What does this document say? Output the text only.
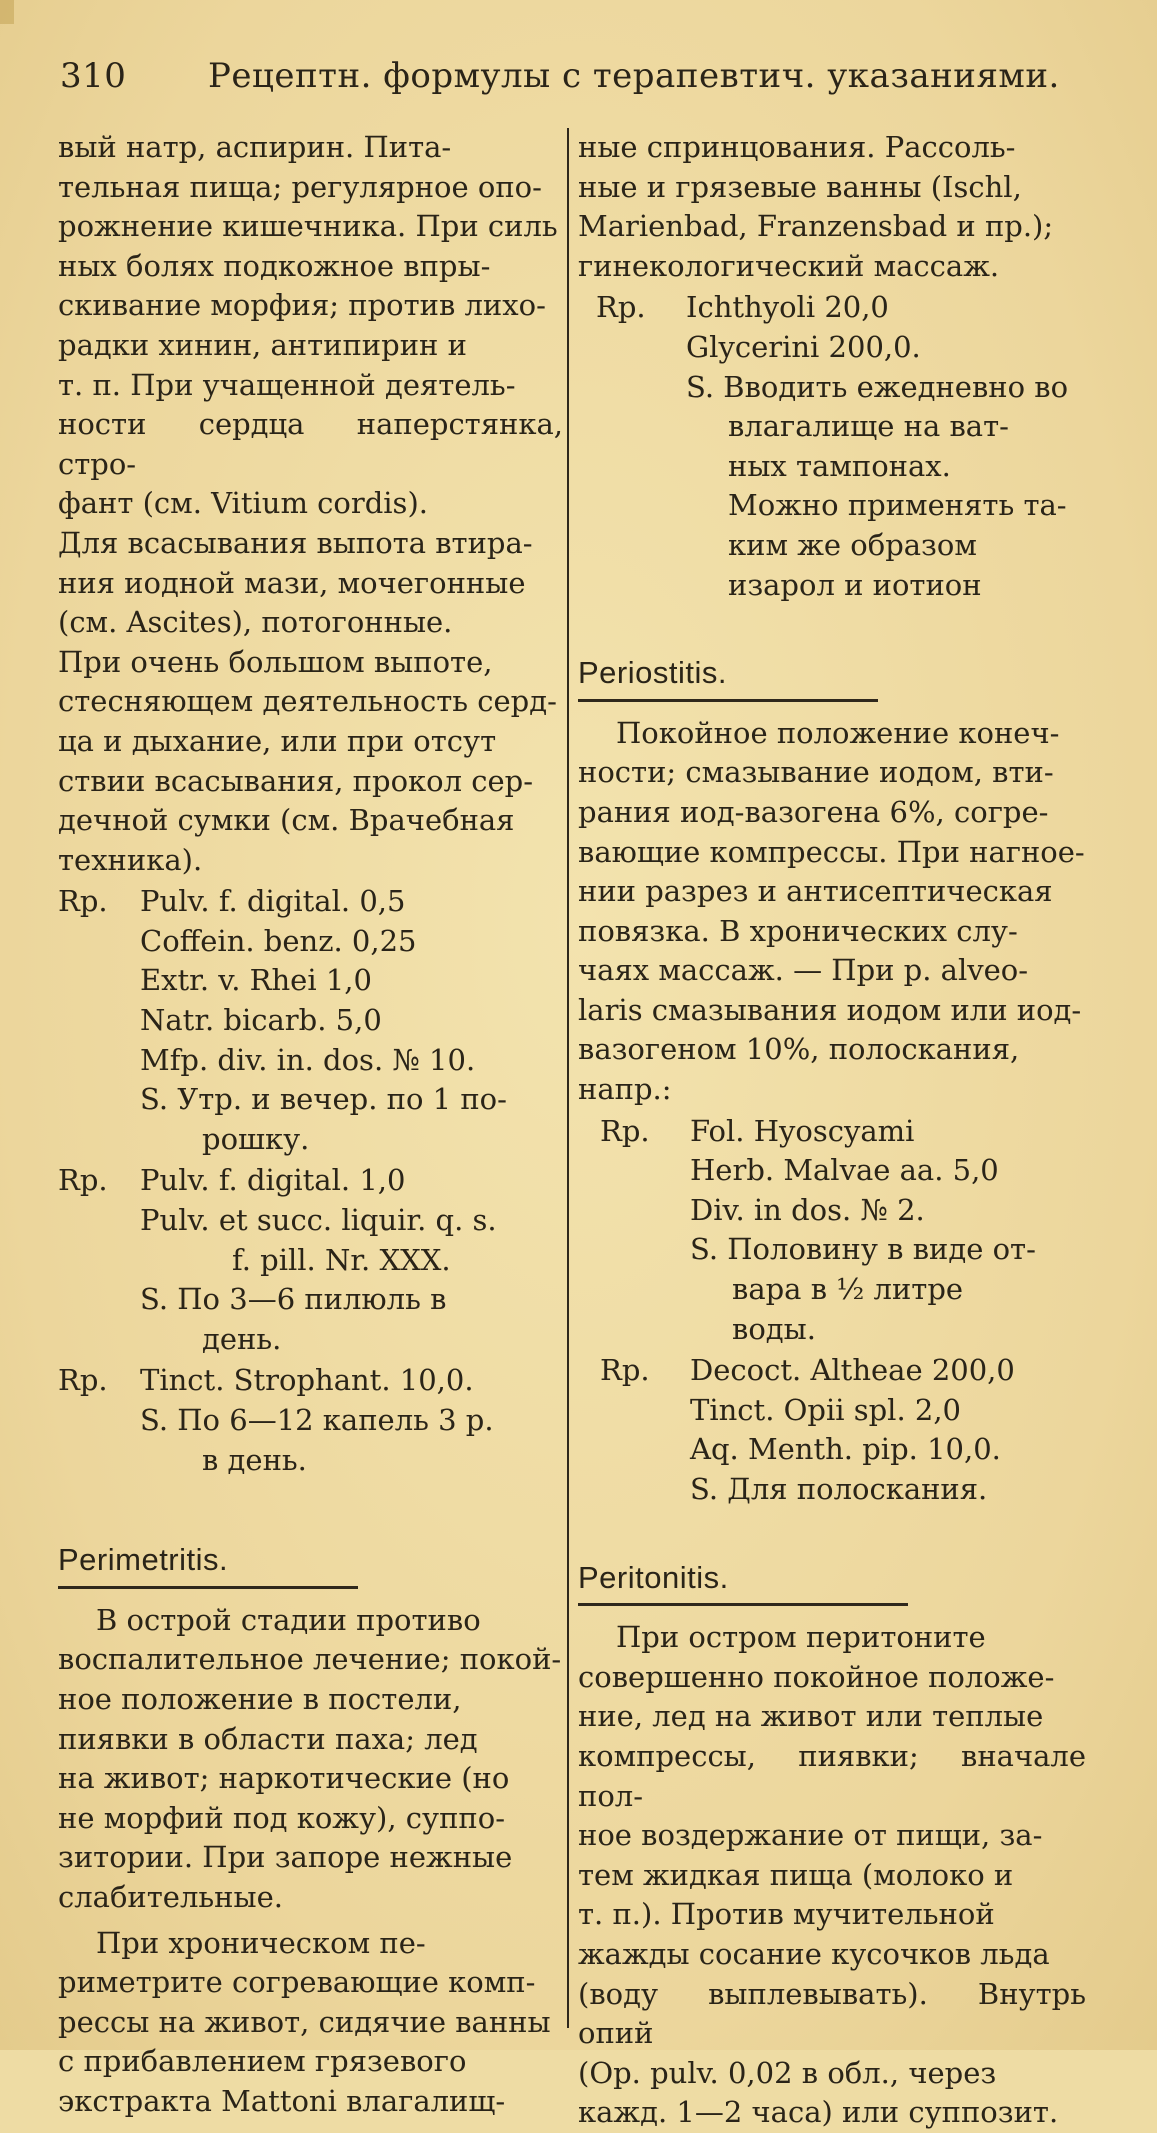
310 Рецептн. формулы с терапевтич. указаниями.
вый натр, аспирин. Пита-
тельная пища; регулярное опо-
рожнение кишечника. При силь
ных болях подкожное впры-
скивание морфия; против лихо-
радки хинин, антипирин и
т. п. При учащенной деятель-
ности сердца наперстянка, стро-
фант (см. Vitium cordis).
Для всасывания выпота втира-
ния иодной мази, мочегонные
(см. Ascites), потогонные.
При очень большом выпоте,
стесняющем деятельность серд-
ца и дыхание, или при отсут
ствии всасывания, прокол сер-
дечной сумки (см. Врачебная
техника).
Rp.	Pulv. f. digital. 0,5
Coffein. benz. 0,25
Extr. v. Rhei 1,0
Natr. bicarb. 5,0
Mfp. div. in. dos. № 10.
S. Утр. и вечер. по 1 по-
рошку.
Rp.	Pulv. f. digital. 1,0
Pulv. et succ. liquir. q. s.
f. pill. Nr. XXX.
S. По 3—6 пилюль в
день.
Rp.	Tinct. Strophant. 10,0.
S. По 6—12 капель 3 р.
в день.
Perimetritis.
В острой стадии противо
воспалительное лечение; покой-
ное положение в постели,
пиявки в области паха; лед
на живот; наркотические (но
не морфий под кожу), суппо-
зитории. При запоре нежные
слабительные.
При хроническом пе-
риметрите согревающие комп-
рессы на живот, сидячие ванны
с прибавлением грязевого
экстракта Mattoni влагалищ-
ные спринцования. Рассоль-
ные и грязевые ванны (Ischl,
Marienbad, Franzensbad и пр.);
гинекологический массаж.
Rp.	Ichthyoli 20,0
Glycerini 200,0.
S. Вводить ежедневно во
влагалище на ват-
ных тампонах.
Можно применять та-
ким же образом
изарол и иотион
Periostitis.
Покойное положение конеч-
ности; смазывание иодом, вти-
рания иод-вазогена 6%, согре-
вающие компрессы. При нагное-
нии разрез и антисептическая
повязка. В хронических слу-
чаях массаж. — При p. alveo-
laris смазывания иодом или иод-
вазогеном 10%, полоскания,
напр.:
Rp.	Fol. Hyoscyami
Herb. Malvae aa. 5,0
Div. in dos. № 2.
S. Половину в виде от-
вара в ½ литре
воды.
Rp.	Decoct. Altheae 200,0
Tinct. Opii spl. 2,0
Aq. Menth. pip. 10,0.
S. Для полоскания.
Peritonitis.
При остром перитоните
совершенно покойное положе-
ние, лед на живот или теплые
компрессы, пиявки; вначале пол-
ное воздержание от пищи, за-
тем жидкая пища (молоко и
т. п.). Против мучительной
жажды сосание кусочков льда
(воду выплевывать). Внутрь опий
(Op. pulv. 0,02 в обл., через
кажд. 1—2 часа) или суппозит.
